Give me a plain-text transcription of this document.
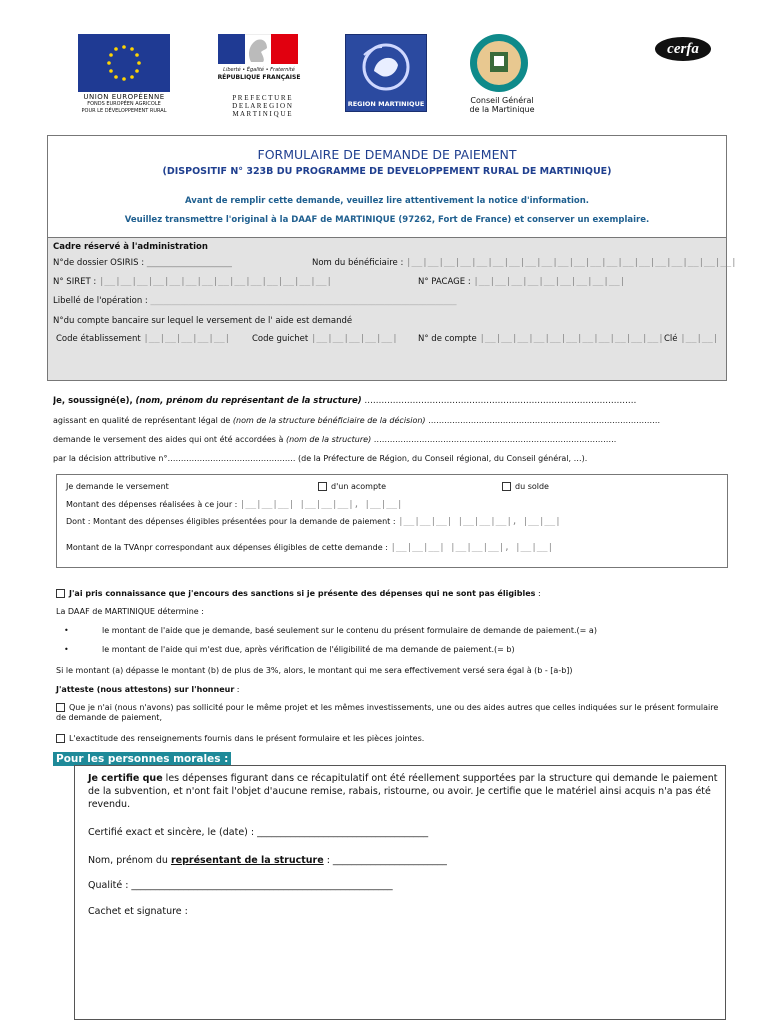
UNION EUROPÉENNE
FONDS EUROPÉEN AGRICOLE
POUR LE DÉVELOPPEMENT RURAL
Liberté • Égalité • Fraternité
RÉPUBLIQUE FRANÇAISE
P R E F E C T U R E
D E L A R E G I O N
M A R T I N I Q U E
REGION MARTINIQUE	Conseil Général
de la Martinique
cerfa
FORMULAIRE DE DEMANDE DE PAIEMENT
(DISPOSITIF N° 323B DU PROGRAMME DE DEVELOPPEMENT RURAL DE MARTINIQUE)
Avant de remplir cette demande, veuillez lire attentivement la notice d'information.
Veuillez transmettre l'original à la DAAF de MARTINIQUE (97262, Fort de France) et conserver un exemplaire.
Cadre réservé à l'administration
N°de dossier OSIRIS : ____________________	Nom du bénéficiaire : |__|__|__|__|__|__|__|__|__|__|__|__|__|__|__|__|__|__|__|__|
N° SIRET : |__|__|__|__|__|__|__|__|__|__|__|__|__|__|	N° PACAGE : |__|__|__|__|__|__|__|__|__|
Libellé de l'opération : ________________________________________________________________________
N°du compte bancaire sur lequel le versement de l' aide est demandé
Code établissement |__|__|__|__|__|	Code guichet |__|__|__|__|__| N° de compte |__|__|__|__|__|__|__|__|__|__|__| Clé |__|__|
Je, soussigné(e), (nom, prénom du représentant de la structure) ……………………………………………………………………………………
agissant en qualité de représentant légal de (nom de la structure bénéficiaire de la décision) ……………………………………………………………………………
demande le versement des aides qui ont été accordées à (nom de la structure) ……………………………………………………………………………….
par la décision attributive n°………………………………………… (de la Préfecture de Région, du Conseil régional, du Conseil général, …).
Je demande le versement	d'un acompte	du solde
Montant des dépenses réalisées à ce jour : |__|__|__| |__|__|__|, |__|__|
Dont : Montant des dépenses éligibles présentées pour la demande de paiement : |__|__|__| |__|__|__|, |__|__|
Montant de la TVAnpr correspondant aux dépenses éligibles de cette demande : |__|__|__| |__|__|__|, |__|__|
J'ai pris connaissance que j'encours des sanctions si je présente des dépenses qui ne sont pas éligibles :
La DAAF de MARTINIQUE détermine :
•	le montant de l'aide que je demande, basé seulement sur le contenu du présent formulaire de demande de paiement.(= a)
•	le montant de l'aide qui m'est due, après vérification de l'éligibilité de ma demande de paiement.(= b)
Si le montant (a) dépasse le montant (b) de plus de 3%, alors, le montant qui me sera effectivement versé sera égal à (b - [a-b])
J'atteste (nous attestons) sur l'honneur :
Que je n'ai (nous n'avons) pas sollicité pour le même projet et les mêmes investissements, une ou des aides autres que celles indiquées sur le présent formulaire de demande de paiement,
L'exactitude des renseignements fournis dans le présent formulaire et les pièces jointes.
Pour les personnes morales :
Je certifie que les dépenses figurant dans ce récapitulatif ont été réellement supportées par la structure qui demande le paiement de la subvention, et n'ont fait l'objet d'aucune remise, rabais, ristourne, ou avoir. Je certifie que le matériel ainsi acquis n'a pas été revendu.
Certifié exact et sincère, le (date) : ____________________________________
Nom, prénom du représentant de la structure : ________________________
Qualité : _______________________________________________________
Cachet et signature :
